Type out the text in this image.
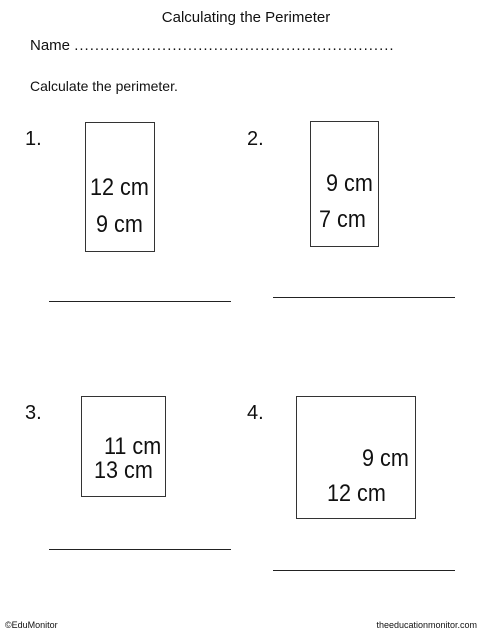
Calculating the Perimeter
Name ..............................................................
Calculate the perimeter.
1.
12 cm
9 cm
2.
9 cm
7 cm
3.
11 cm
13 cm
4.
9 cm
12 cm
©EduMonitor	theeducationmonitor.com
